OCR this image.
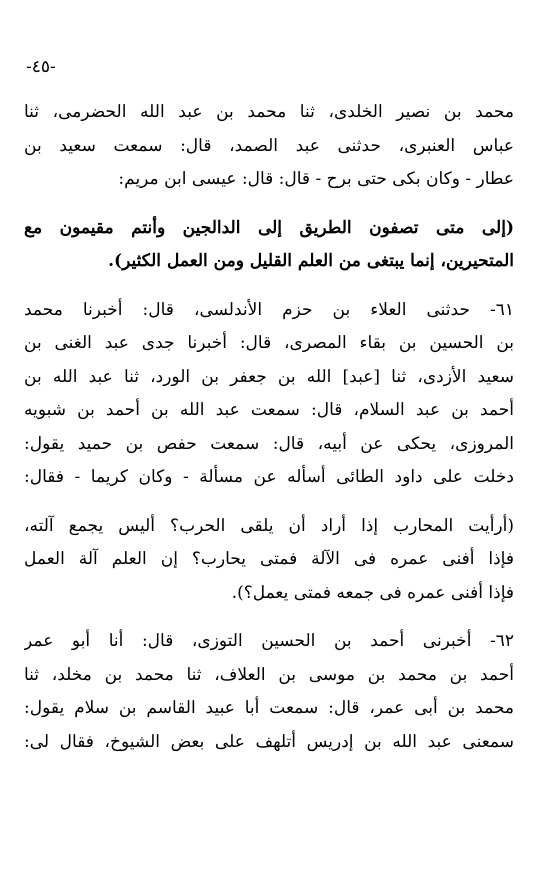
-٤٥-
محمد بن نصير الخلدى، ثنا محمد بن عبد الله الحضرمى، ثنا
عباس العنبرى، حدثنى عبد الصمد، قال: سمعت سعيد بن
عطار - وكان بكى حتى برح - قال: قال: عيسى ابن مريم:
(إلى متى تصفون الطريق إلى الدالجين وأنتم مقيمون مع
المتحيرين، إنما يبتغى من العلم القليل ومن العمل الكثير).
٦١- حدثنى العلاء بن حزم الأندلسى، قال: أخبرنا محمد
بن الحسين بن بقاء المصرى، قال: أخبرنا جدى عبد الغنى بن
سعيد الأزدى، ثنا [عبد] الله بن جعفر بن الورد، ثنا عبد الله بن
أحمد بن عبد السلام، قال: سمعت عبد الله بن أحمد بن شبويه
المروزى، يحكى عن أبيه، قال: سمعت حفص بن حميد يقول:
دخلت على داود الطائى أسأله عن مسألة - وكان كريما - فقال:
(أرأيت المحارب إذا أراد أن يلقى الحرب؟ أليس يجمع آلته،
فإذا أفنى عمره فى الآلة فمتى يحارب؟ إن العلم آلة العمل
فإذا أفنى عمره فى جمعه فمتى يعمل؟).
٦٢- أخبرنى أحمد بن الحسين التوزى، قال: أنا أبو عمر
أحمد بن محمد بن موسى بن العلاف، ثنا محمد بن مخلد، ثنا
محمد بن أبى عمر، قال: سمعت أبا عبيد القاسم بن سلام يقول:
سمعنى عبد الله بن إدريس أتلهف على بعض الشيوخ، فقال لى:
